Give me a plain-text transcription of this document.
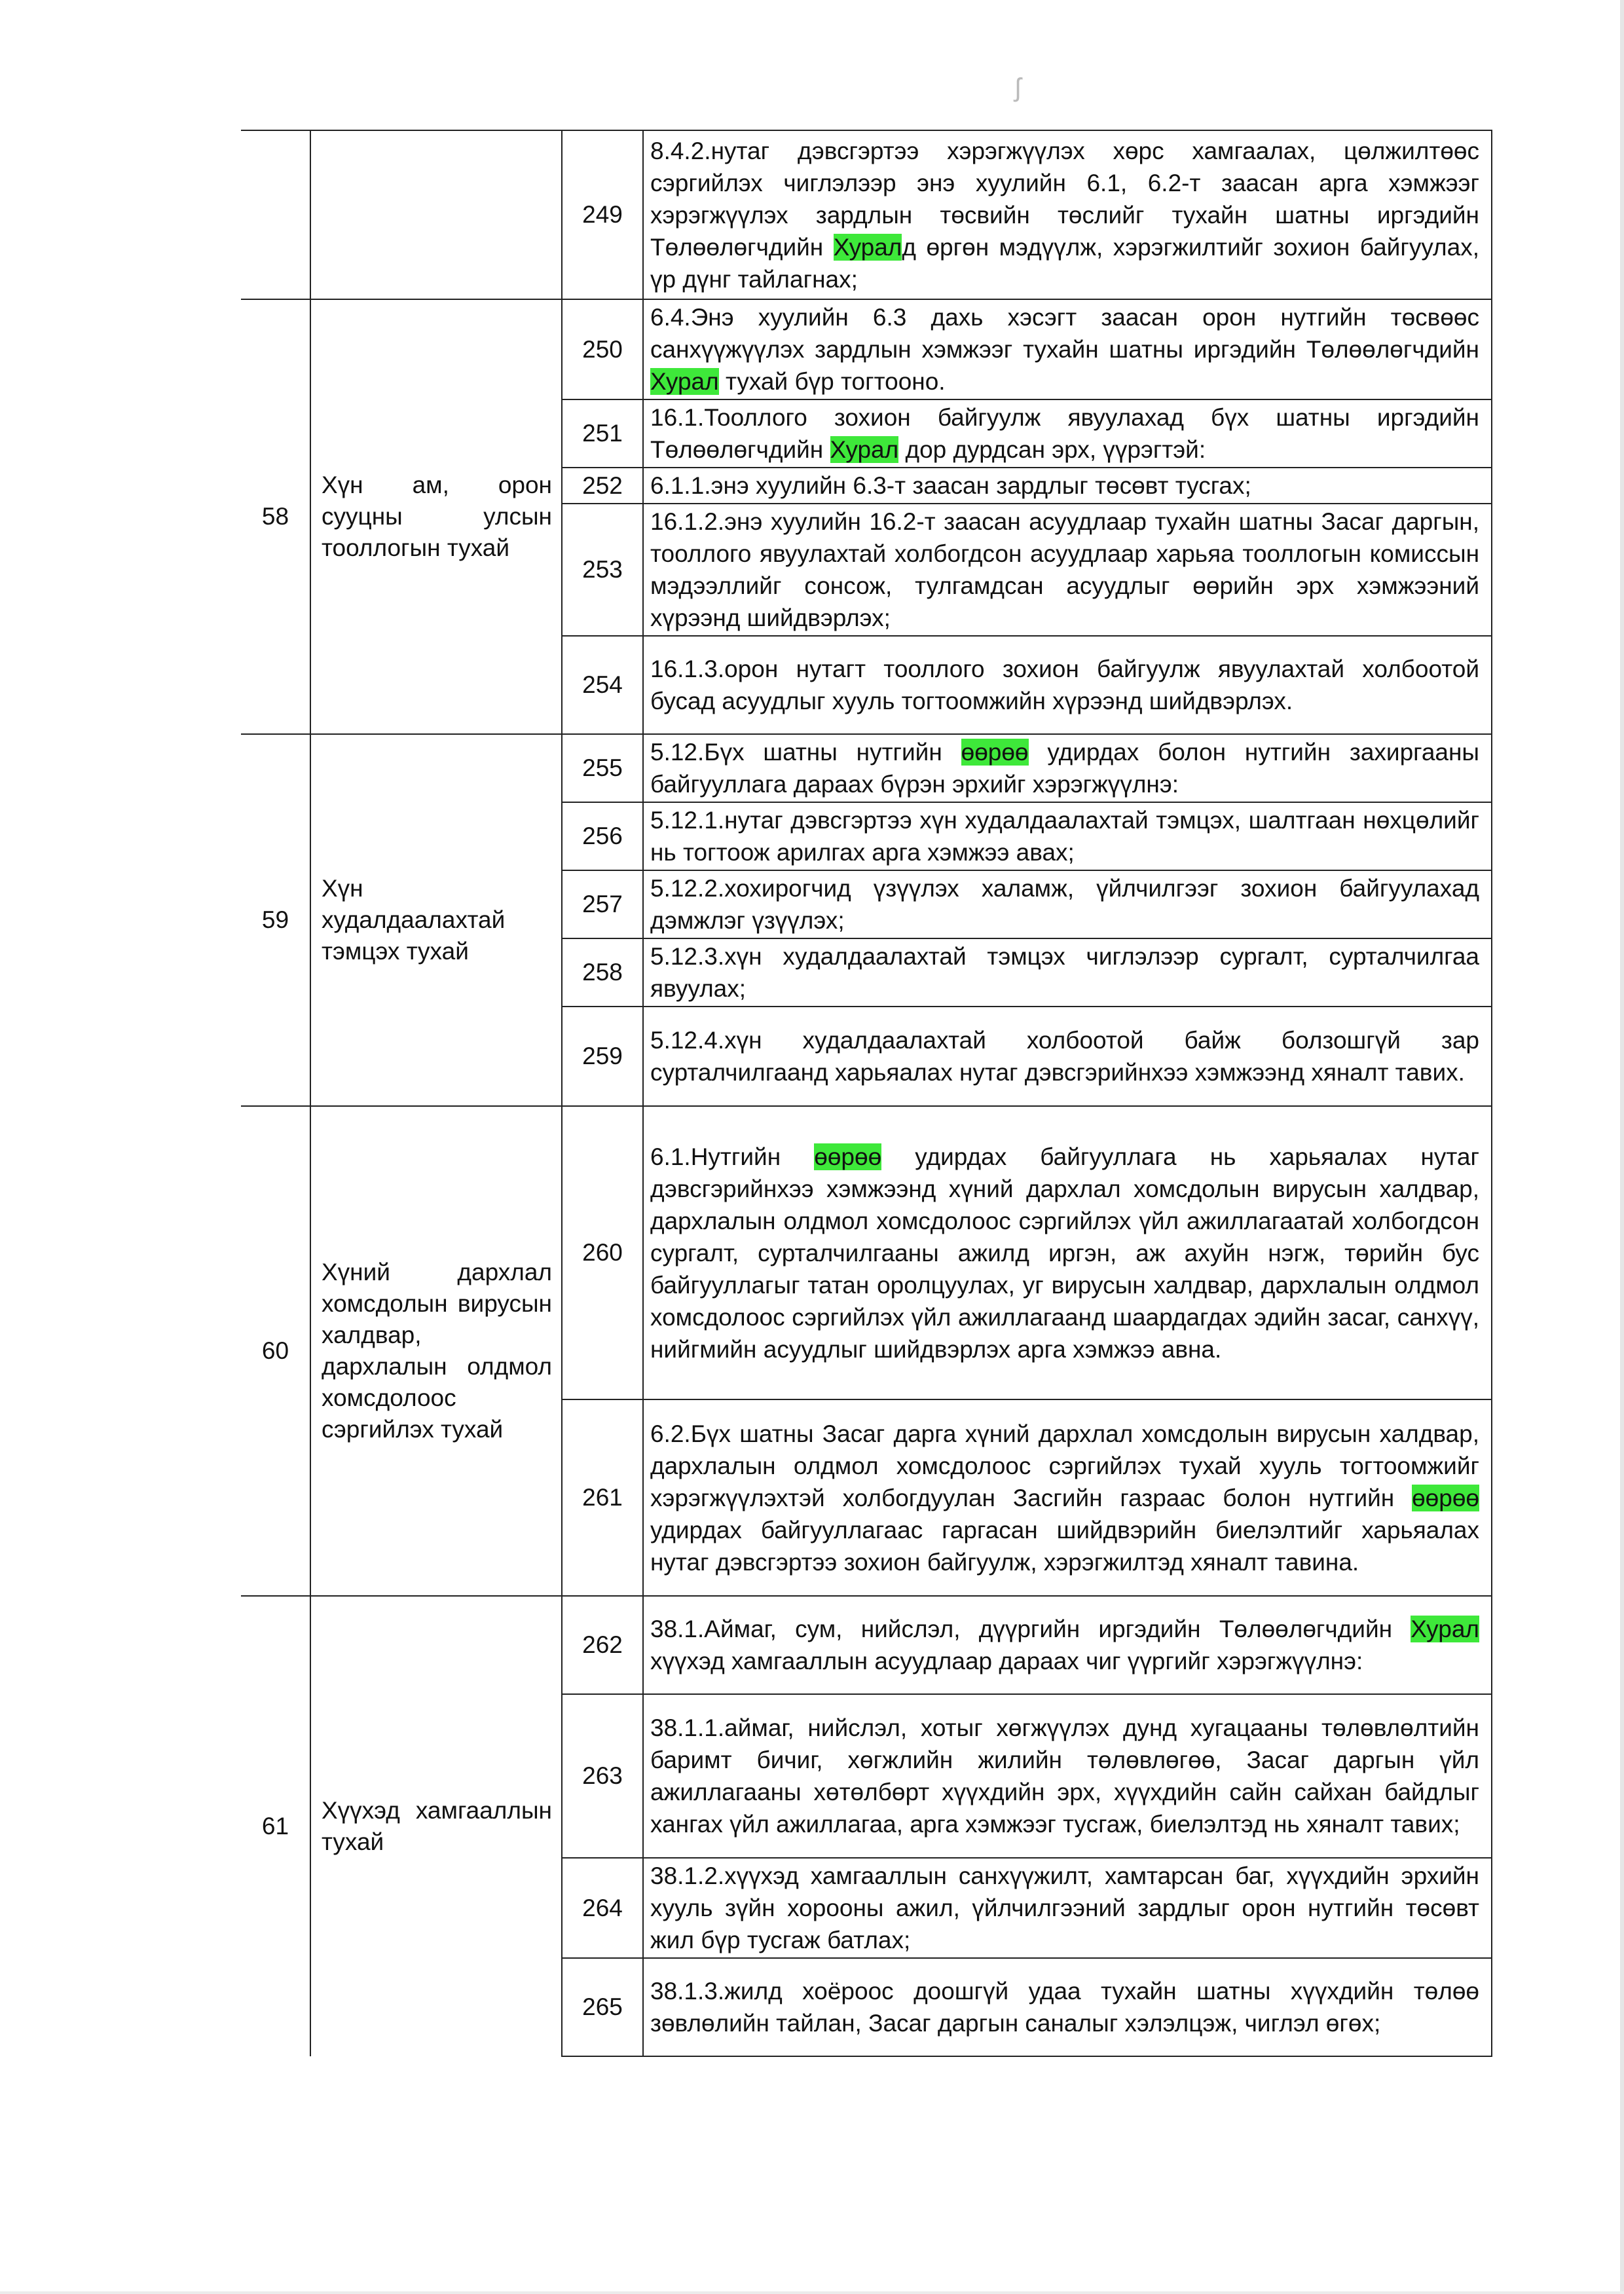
ʃ
		249	8.4.2.нутаг дэвсгэртээ хэрэгжүүлэх хөрс хамгаалах, цөлжилтөөс сэргийлэх чиглэлээр энэ хуулийн 6.1, 6.2-т заасан арга хэмжээг хэрэгжүүлэх зардлын төсвийн төслийг тухайн шатны иргэдийн Төлөөлөгчдийн Хуралд өргөн мэдүүлж, хэрэгжилтийг зохион байгуулах, үр дүнг тайлагнах;
58	Хүн ам, орон сууцны улсын тооллогын тухай	250	6.4.Энэ хуулийн 6.3 дахь хэсэгт заасан орон нутгийн төсвөөс санхүүжүүлэх зардлын хэмжээг тухайн шатны иргэдийн Төлөөлөгчдийн Хурал тухай бүр тогтооно.
		251	16.1.Тооллого зохион байгуулж явуулахад бүх шатны иргэдийн Төлөөлөгчдийн Хурал дор дурдсан эрх, үүрэгтэй:
		252	6.1.1.энэ хуулийн 6.3-т заасан зардлыг төсөвт тусгах;
		253	16.1.2.энэ хуулийн 16.2-т заасан асуудлаар тухайн шатны Засаг даргын, тооллого явуулахтай холбогдсон асуудлаар харьяа тооллогын комиссын мэдээллийг сонсож, тулгамдсан асуудлыг өөрийн эрх хэмжээний хүрээнд шийдвэрлэх;
		254	16.1.3.орон нутагт тооллого зохион байгуулж явуулахтай холбоотой бусад асуудлыг хууль тогтоомжийн хүрээнд шийдвэрлэх.
59	Хүн худалдаалахтай тэмцэх тухай	255	5.12.Бүх шатны нутгийн өөрөө удирдах болон нутгийн захиргааны байгууллага дараах бүрэн эрхийг хэрэгжүүлнэ:
		256	5.12.1.нутаг дэвсгэртээ хүн худалдаалахтай тэмцэх, шалтгаан нөхцөлийг нь тогтоож арилгах арга хэмжээ авах;
		257	5.12.2.хохирогчид үзүүлэх халамж, үйлчилгээг зохион байгуулахад дэмжлэг үзүүлэх;
		258	5.12.3.хүн худалдаалахтай тэмцэх чиглэлээр сургалт, сурталчилгаа явуулах;
		259	5.12.4.хүн худалдаалахтай холбоотой байж болзошгүй зар сурталчилгаанд харьяалах нутаг дэвсгэрийнхээ хэмжээнд хяналт тавих.
60	Хүний дархлал хомсдолын вирусын халдвар, дархлалын олдмол хомсдолоос сэргийлэх тухай	260	6.1.Нутгийн өөрөө удирдах байгууллага нь харьяалах нутаг дэвсгэрийнхээ хэмжээнд хүний дархлал хомсдолын вирусын халдвар, дархлалын олдмол хомсдолоос сэргийлэх үйл ажиллагаатай холбогдсон сургалт, сурталчилгааны ажилд иргэн, аж ахуйн нэгж, төрийн бус байгууллагыг татан оролцуулах, уг вирусын халдвар, дархлалын олдмол хомсдолоос сэргийлэх үйл ажиллагаанд шаардагдах эдийн засаг, санхүү, нийгмийн асуудлыг шийдвэрлэх арга хэмжээ авна.
		261	6.2.Бүх шатны Засаг дарга хүний дархлал хомсдолын вирусын халдвар, дархлалын олдмол хомсдолоос сэргийлэх тухай хууль тогтоомжийг хэрэгжүүлэхтэй холбогдуулан Засгийн газраас болон нутгийн өөрөө удирдах байгууллагаас гаргасан шийдвэрийн биелэлтийг харьяалах нутаг дэвсгэртээ зохион байгуулж, хэрэгжилтэд хяналт тавина.
61	Хүүхэд хамгааллын тухай	262	38.1.Аймаг, сум, нийслэл, дүүргийн иргэдийн Төлөөлөгчдийн Хурал хүүхэд хамгааллын асуудлаар дараах чиг үүргийг хэрэгжүүлнэ:
		263	38.1.1.аймаг, нийслэл, хотыг хөгжүүлэх дунд хугацааны төлөвлөлтийн баримт бичиг, хөгжлийн жилийн төлөвлөгөө, Засаг даргын үйл ажиллагааны хөтөлбөрт хүүхдийн эрх, хүүхдийн сайн сайхан байдлыг хангах үйл ажиллагаа, арга хэмжээг тусгаж, биелэлтэд нь хяналт тавих;
		264	38.1.2.хүүхэд хамгааллын санхүүжилт, хамтарсан баг, хүүхдийн эрхийн хууль зүйн хорооны ажил, үйлчилгээний зардлыг орон нутгийн төсөвт жил бүр тусгаж батлах;
		265	38.1.3.жилд хоёроос доошгүй удаа тухайн шатны хүүхдийн төлөө зөвлөлийн тайлан, Засаг даргын саналыг хэлэлцэж, чиглэл өгөх;
